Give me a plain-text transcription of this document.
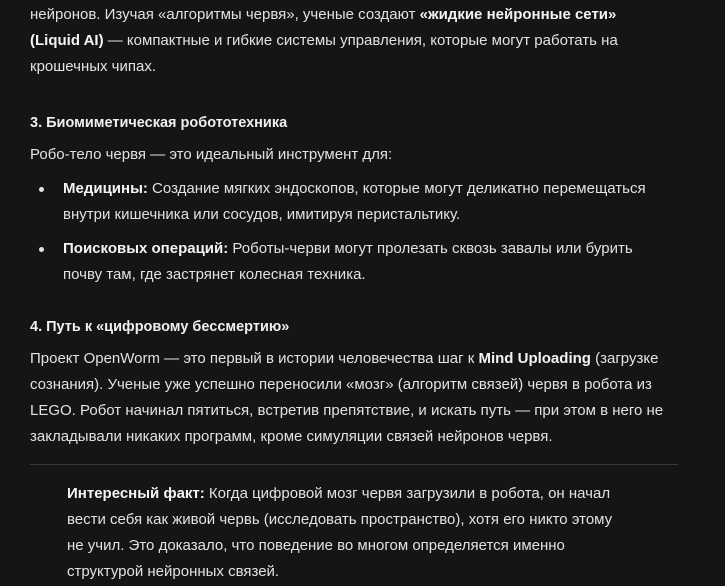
нейронов. Изучая «алгоритмы червя», ученые создают «жидкие нейронные сети»
(Liquid AI) — компактные и гибкие системы управления, которые могут работать на
крошечных чипах.

3. Биомиметическая робототехника

Робо-тело червя — это идеальный инструмент для:

Медицины: Создание мягких эндоскопов, которые могут деликатно перемещаться
внутри кишечника или сосудов, имитируя перистальтику.
Поисковых операций: Роботы-черви могут пролезать сквозь завалы или бурить
почву там, где застрянет колесная техника.
4. Путь к «цифровому бессмертию»

Проект OpenWorm — это первый в истории человечества шаг к Mind Uploading (загрузке
сознания). Ученые уже успешно переносили «мозг» (алгоритм связей) червя в робота из
LEGO. Робот начинал пятиться, встретив препятствие, и искать путь — при этом в него не
закладывали никаких программ, кроме симуляции связей нейронов червя.

Интересный факт: Когда цифровой мозг червя загрузили в робота, он начал
вести себя как живой червь (исследовать пространство), хотя его никто этому
не учил. Это доказало, что поведение во многом определяется именно
структурой нейронных связей.
